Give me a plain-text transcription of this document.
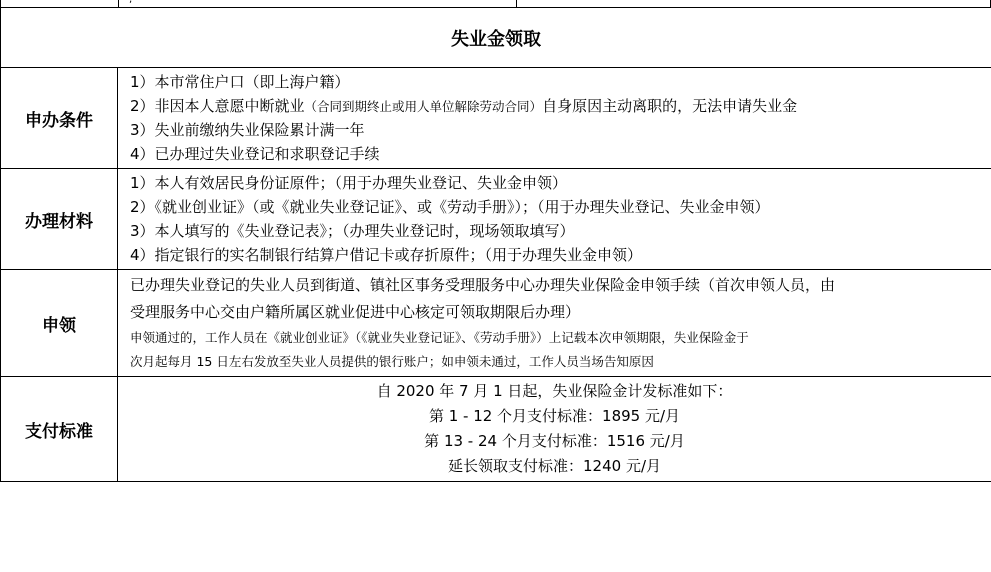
失业金领取	
申办条件	1）本市常住户口（即上海户籍）
2）非因本人意愿中断就业（合同到期终止或用人单位解除劳动合同）自身原因主动离职的，无法申请失业金
3）失业前缴纳失业保险累计满一年
4）已办理过失业登记和求职登记手续

办理材料	1）本人有效居民身份证原件；（用于办理失业登记、失业金申领）
2）《就业创业证》（或《就业失业登记证》、或《劳动手册》）；（用于办理失业登记、失业金申领）
3）本人填写的《失业登记表》；（办理失业登记时，现场领取填写）
4）指定银行的实名制银行结算户借记卡或存折原件；（用于办理失业金申领）

申领	已办理失业登记的失业人员到街道、镇社区事务受理服务中心办理失业保险金申领手续（首次申领人员，由
受理服务中心交由户籍所属区就业促进中心核定可领取期限后办理）
申领通过的，工作人员在《就业创业证》（《就业失业登记证》、《劳动手册》）上记载本次申领期限，失业保险金于
次月起每月 15 日左右发放至失业人员提供的银行账户；如申领未通过，工作人员当场告知原因

支付标准	自 2020 年 7 月 1 日起，失业保险金计发标准如下：
第 1 - 12 个月支付标准：1895 元/月
第 13 - 24 个月支付标准：1516 元/月
延长领取支付标准：1240 元/月
